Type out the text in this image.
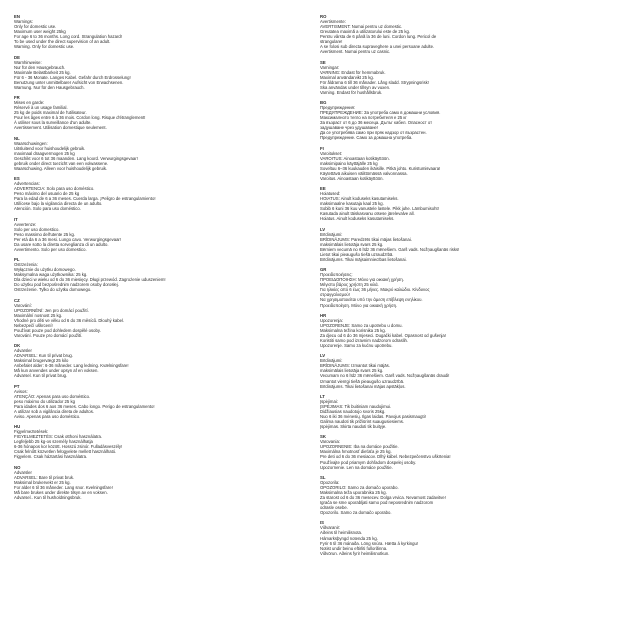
EN
Warnings:
Only for domestic use.
Maximum user weight 25kg
For age 6 to 36 months. Long cord. Strangulation hazard!
To be used under the direct supervision of an adult.
Warning. Only for domestic use.
DE
Warnhinweise:
Nur für den Hausgebrauch.
Maximale Belastbarkeit 25 kg.
Für 6 - 36 Monate. Langes Kabel. Gefahr durch Erdrosselung!
Benutzung unter unmittelbarer Aufsicht von Erwachsenen.
Warnung. Nur für den Hausgebrauch.
FR
Mises en garde:
Réservé à un usage familial.
25 kg de poids maximal de l'utilisateur.
Pour les âges entre 6 à 36 mois. Cordon long. Risque d'étranglement!
À utiliser sous la surveillance d'un adulte.
Avertissement. Utilisation domestique seulement.
NL
Waarschuwingen:
Uitsluitend voor huishoudelijk gebruik.
maximaal draagvermogen 25 kg
Geschikt voor 6 tot 36 maanden. Lang koord. Verwurgingsgevaar!
gebruik onder direct toezicht van een volwassene.
Waarschuwing. Alleen voor huishoudelijk gebruik.
ES
Advertencias:
ADVERTENCIA: Solo para uso doméstico.
Peso máximo del usuario de 25 kg
Para la edad de 6 a 36 meses. Cuerda larga. ¡Peligro de estrangulamiento!
Utilícese bajo la vigilancia directa de un adulto.
Atención. Solo para uso doméstico.
IT
Avvertenze:
Solo per uso domestico.
Peso massimo dell'utente 25 kg.
Per età da 6 a 36 mesi. Lungo cavo. Verwurgingsgevaar!
Da usare sotto la diretta sorveglianza di un adulto.
Avvertimento. Solo per uso domestico.
PL
Ostrzeżenia:
Wyłącznie do użytku domowego.
Maksymalna waga użytkownika: 25 kg.
Dla dzieci w wieku od 6 do 36 miesięcy. Długi przewód. Zagrożenie uduszeniem!
Do użytku pod bezpośrednim nadzorem osoby dorosłej.
Ostrzeżenie. Tylko do użytku domowego.
CZ
Varování:
UPOZORNĚNÍ: Jen pro domácí použití.
Maximální nosnost 25 kg.
Vhodné pro děti ve věku od 6 do 36 měsíců. Dlouhý kabel.
Nebezpečí uškrcení!
Používat pouze pod dohledem dospělé osoby.
Varování. Pouze pro domácí použití.
DK
Advarsler
ADVARSEL: Kun til privat brug.
Maksimal brugervægt 25 kilo
Anbefalet alder: 6-36 måneder. Lang ledning. Kvælningsfare!
Må kun anvendes under opsyn af en voksen.
Advarsel. Kun til privat brug.
PT
Avisos:
ATENÇÃO: Apenas para uso doméstico.
peso máximo do utilizador 25 kg
Para idades dos 6 aos 36 meses. Cabo longo. Perigo de estrangulamento!
A utilizar sob a vigilância direta de adultos.
Aviso. Apenas para uso doméstico.
HU
Figyelmeztetések:
FIGYELMEZTETÉS: Csak otthoni használatra.
Legfeljebb 25 kg-os személy használhatja
6-36 hónapos kor között. Hosszú zsinór. Fulladásveszély!
Csak felnőtt közvetlen felügyelete mellett használható.
Figyelem. Csak háztartási használatra.
NO
Advarsler
ADVARSEL: Bare til privat bruk.
Maksimal brukervekt er 25 kg.
For alder 6 til 36 måneder. Lang snor. Kvelningsfare!
Må bare brukes under direkte tilsyn av en voksen.
Advarsel.. Kun til husholdningsbruk.
RO
Avertismente:
AVERTISMENT: Numai pentru uz domestic.
Greutatea maximă a utilizatorului este de 25 kg.
Pentru vârsta de 6 până la 36 de luni. Cordon lung. Pericol de
strangulare!
A se folosi sub directa supraveghere a unei persoane adulte.
Avertisment. Numai pentru uz casnic.
SE
Varningar:
VARNING: Endast för hemmabruk.
Maximal användarvikt 25 kg.
För åldrarna 6 till 36 månader. Lång sladd. Strypningsrisk!
Ska användas under tillsyn av vuxen.
Varning. Endast för hushållsbruk.
BG
Предупреждения:
ПРЕДУПРЕЖДЕНИЕ: За употреба само в домашни условия.
Максималното тегло на потребителя е 25 кг
За възраст от 6 до 36 месеца. Дълъг кабел. Опасност от
задушаване чрез удушаване!
Да се употребява само при пряк надзор от възрастен.
Предупреждение. Само за домашна употреба.
FI
Varoitukset:
VAROITUS: Ainoastaan kotikäyttöön.
maksimipaino käyttäjälle 25 kg
Soveltuu 6–36 kuukauden ikäisille. Pitkä johto. Kuristumisvaara!
Käytettävä aikuisen välittömässä valvonnassa.
Varoitus. Ainoastaan kotikäyttöön.
EE
Hoiatused:
HOIATUS: Ainult koduseks kasutamiseks.
maksimaalne kasutaja kaal 25 kg.
Sobib 6 kuni 36 kuu vanustele lastele. Pikk juhe. Lämbumisoht!
Kasutada ainult täiskasvanu otsese järelevalve all.
Hoiatus. Ainult koduseks kasutamiseks.
LV
Brīdinājumi:
BRĪDINĀJUMS: Paredzēts tikai mājas lietošanai.
maksimālais lietotāja svars 25 kg.
Bērniem vecumā no 6 līdz 36 mēnešiem. Garš vads. Nožņaugšanās risks!
Lietot tikai pieaugušo tiešā uzraudzībā.
Brīdinājums. Tikai mājsaimniecības lietošanai.
GR
Προειδοποιήσεις:
ΠΡΟΕΙΔΟΠΟΙΗΣΗ: Μόνο για οικιακή χρήση.
Μέγιστο βάρος χρήστη 25 κιλά.
Για ηλικίες από 6 έως 36 μήνες. Μακρύ καλώδιο. Κίνδυνος
στραγγαλισμού!
Να χρησιμοποιείται υπό την άμεση επίβλεψη ενηλίκου.
Προειδοποίηση. Μόνο για οικιακή χρήση.
HR
Upozorenja:
UPOZORENJE: Samo za upotrebu u domu.
Maksimalna težina korisnika 25 kg.
Za djecu od 6 do 36 mjeseci. Dugački kabel. Opasnost od gušenja!
Koristiti samo pod izravnim nadzorom odraslih.
Upozorenje. Samo za kućnu upotrebu.
LV
Brīdinājumi:
BRĪDINĀJUMS: Izmantot tikai mājās.
maksimālais lietotāja svars 25 kg.
Vecumam no 6 līdz 36 mēnešiem. Garš vads. Nožņaugšanās draudi!
Izmantot vienīgi tiešā pieaugušo uzraudzībā.
Brīdinājums. Tikai lietošanai mājas apstākļos.
LT
Įspėjimai:
ĮSPĖJIMAS: Tik buitiniam naudojimui.
Didžiausias naudotojo svoris 25kg.
Nuo 6 iki 36 mėnesių. Ilgas laidas. Pavojus pasismaugti!
Galima naudoti tik prižiūrint suaugusiesiems.
Įspėjimas. Skirta naudoti tik buityje.
SK
Varovania:
UPOZORNENIE: Iba na domáce použitie.
Maximálna hmotnosť dieťaťa je 25 kg.
Pre deti od 6 do 36 mesiacov. Dlhý kábel. Nebezpečenstvo uškrtenia!
Používajte pod priamym dohľadom dospelej osoby.
Upozornenie. Len na domáce použitie.
SL
Opozorila:
OPOZORILO: Samo za domačo uporabo.
Maksimalna teža uporabnika 25 kg.
Za starost od 6 do 36 mesecev. Dolga vrvica. Nevarnost zadavitve!
Igrača se sme uporabljati samo pod neposrednim nadzorom
odrasle osebe.
Opozorilo. Samo za domačo uporabo.
IS
Viðvaranir:
Aðeins til heimilisnota.
Hámarksþyngd notenda 25 kg.
Fyrir 6 til 36 mánaða. Löng snúra. Hætta á kyrkingu!
Notist undir beinu eftirliti fullorðinna.
Viðvörun. Aðeins fyrir heimilisnotkun.
